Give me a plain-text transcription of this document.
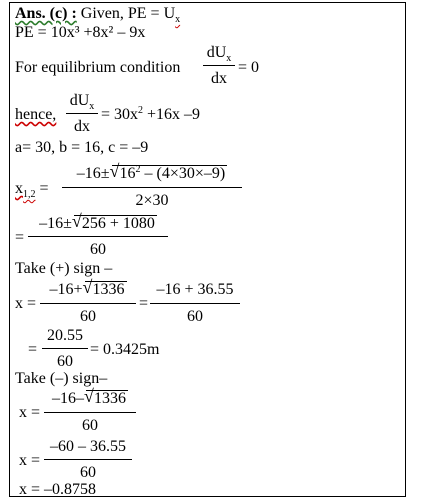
Ans. (c) : Given, PE = $U_x$
PE = 10x³ +8x² – 9x
For equilibrium condition
$dU_x$
dx
= 0
hence,
$dU_x$
dx
= $30x^2 +16x$ –9
a= 30, b = 16, c = –9
$x_{1,2}$ =
–16± √ $16^2 - (4\times 30\times-9)$
2×30
=
–16± √ 256 + 1080
60
Take (+) sign –
x =
–16+ √ 1336
60
=
–16 + 36.55
60
=
20.55
60
= 0.3425m
Take (–) sign–
x =
–16– √ 1336
60
x =
–60 – 36.55
60
x = –0.8758
